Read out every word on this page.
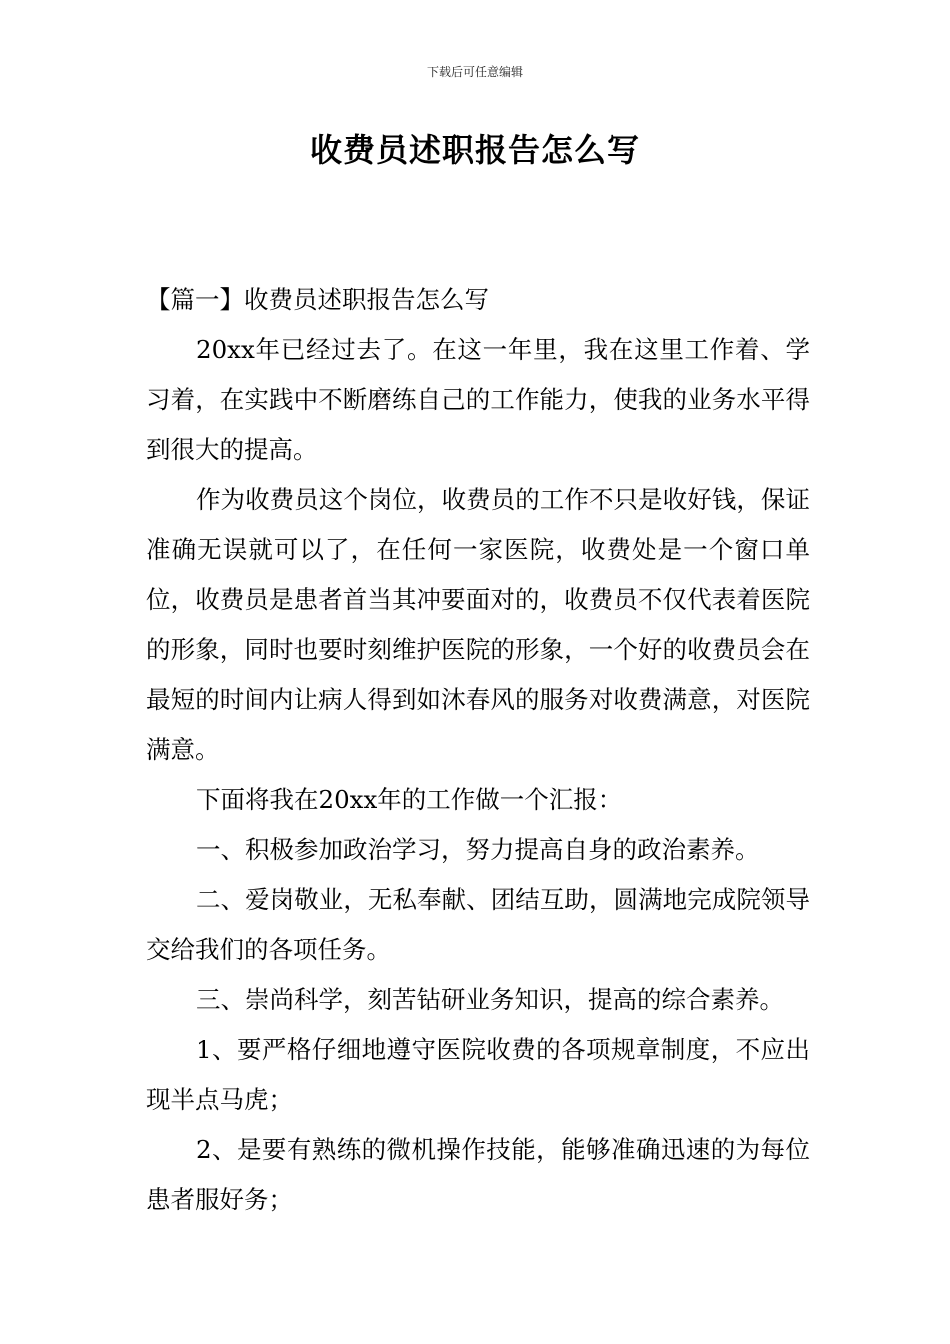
下载后可任意编辑
收费员述职报告怎么写

【篇一】收费员述职报告怎么写

20xx年已经过去了。在这一年里，我在这里工作着、学习着，在实践中不断磨练自己的工作能力，使我的业务水平得到很大的提高。

作为收费员这个岗位，收费员的工作不只是收好钱，保证准确无误就可以了，在任何一家医院，收费处是一个窗口单位，收费员是患者首当其冲要面对的，收费员不仅代表着医院的形象，同时也要时刻维护医院的形象，一个好的收费员会在最短的时间内让病人得到如沐春风的服务对收费满意，对医院满意。

下面将我在20xx年的工作做一个汇报：

一、积极参加政治学习，努力提高自身的政治素养。

二、爱岗敬业，无私奉献、团结互助，圆满地完成院领导交给我们的各项任务。

三、崇尚科学，刻苦钻研业务知识，提高的综合素养。

1、要严格仔细地遵守医院收费的各项规章制度，不应出现半点马虎；

2、是要有熟练的微机操作技能，能够准确迅速的为每位患者服好务；
